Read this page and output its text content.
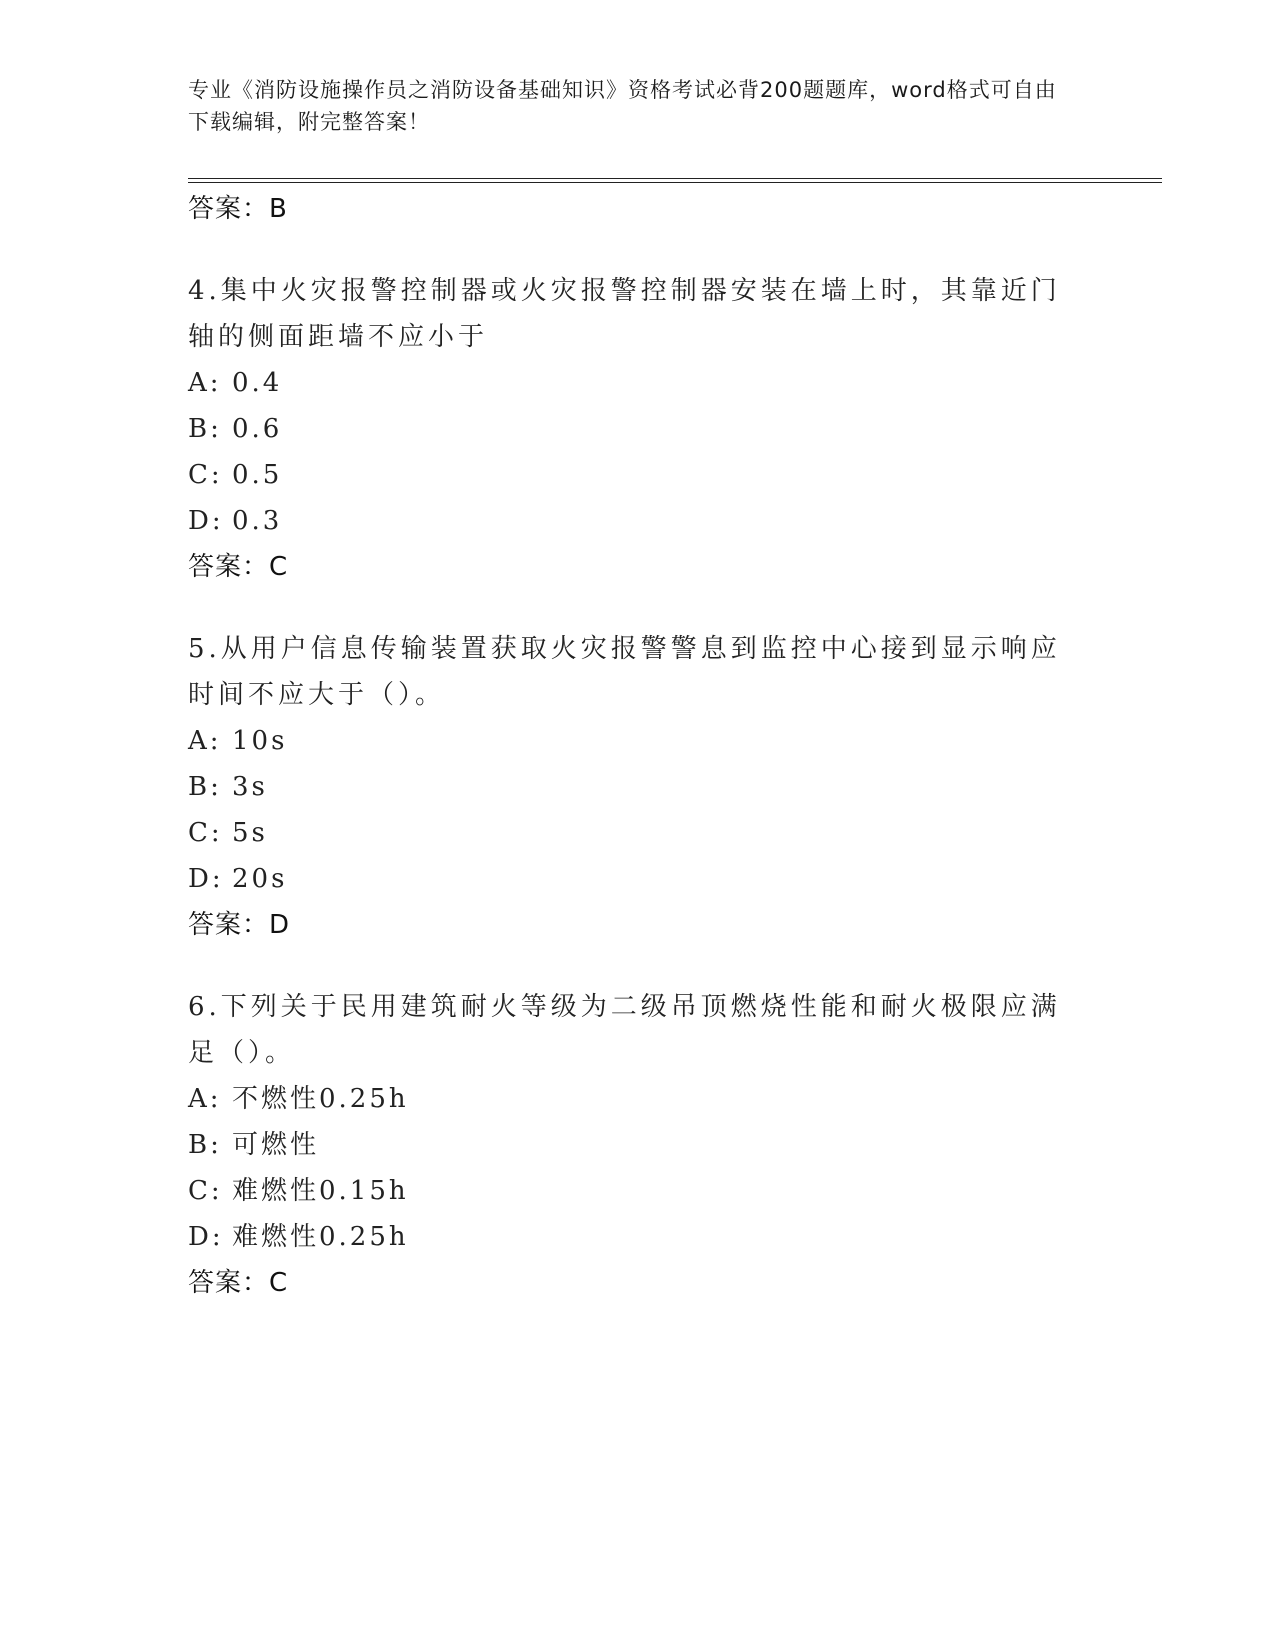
专业《消防设施操作员之消防设备基础知识》资格考试必背200题题库，word格式可自由下载编辑，附完整答案！
答案：B
4.集中火灾报警控制器或火灾报警控制器安装在墙上时，其靠近门轴的侧面距墙不应小于
A: 0.4
B: 0.6
C: 0.5
D: 0.3
答案：C
5.从用户信息传输装置获取火灾报警警息到监控中心接到显示响应时间不应大于（）。
A: 10s
B: 3s
C: 5s
D: 20s
答案：D
6.下列关于民用建筑耐火等级为二级吊顶燃烧性能和耐火极限应满足（）。
A: 不燃性0.25h
B: 可燃性
C: 难燃性0.15h
D: 难燃性0.25h
答案：C
